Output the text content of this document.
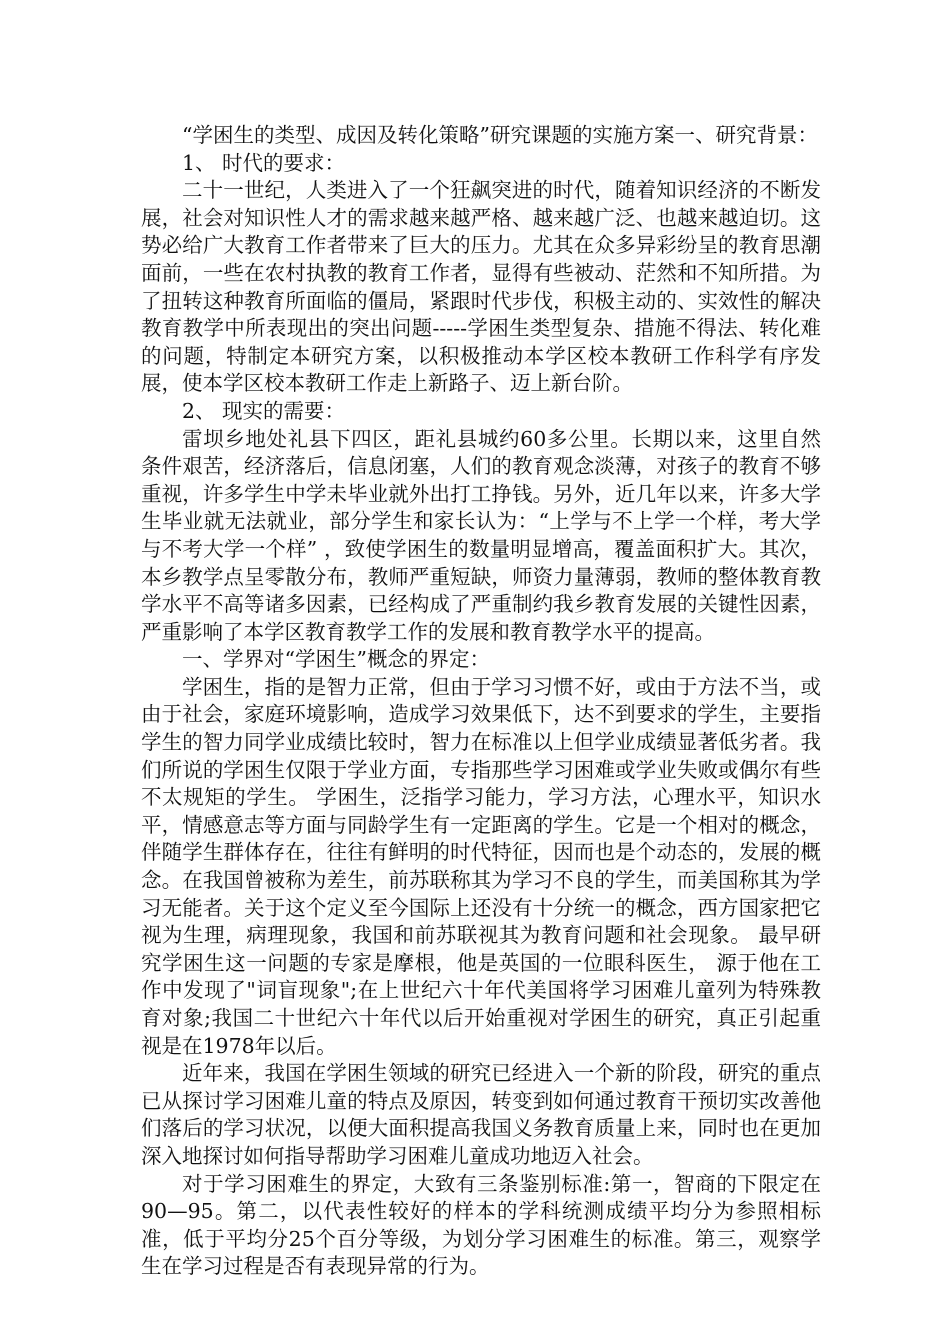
“学困生的类型、成因及转化策略”研究课题的实施方案一、研究背景：

1、 时代的要求：

二十一世纪，人类进入了一个狂飙突进的时代，随着知识经济的不断发展，社会对知识性人才的需求越来越严格、越来越广泛、也越来越迫切。这势必给广大教育工作者带来了巨大的压力。尤其在众多异彩纷呈的教育思潮面前，一些在农村执教的教育工作者，显得有些被动、茫然和不知所措。为了扭转这种教育所面临的僵局，紧跟时代步伐，积极主动的、实效性的解决教育教学中所表现出的突出问题-----学困生类型复杂、措施不得法、转化难的问题，特制定本研究方案，以积极推动本学区校本教研工作科学有序发展，使本学区校本教研工作走上新路子、迈上新台阶。

2、 现实的需要：

雷坝乡地处礼县下四区，距礼县城约60多公里。长期以来，这里自然条件艰苦，经济落后，信息闭塞，人们的教育观念淡薄，对孩子的教育不够重视，许多学生中学未毕业就外出打工挣钱。另外，近几年以来，许多大学生毕业就无法就业，部分学生和家长认为：“上学与不上学一个样，考大学与不考大学一个样” ，致使学困生的数量明显增高，覆盖面积扩大。其次，本乡教学点呈零散分布，教师严重短缺，师资力量薄弱，教师的整体教育教学水平不高等诸多因素，已经构成了严重制约我乡教育发展的关键性因素，严重影响了本学区教育教学工作的发展和教育教学水平的提高。

一、学界对“学困生”概念的界定：

学困生，指的是智力正常，但由于学习习惯不好，或由于方法不当，或由于社会，家庭环境影响，造成学习效果低下，达不到要求的学生，主要指学生的智力同学业成绩比较时，智力在标准以上但学业成绩显著低劣者。我们所说的学困生仅限于学业方面，专指那些学习困难或学业失败或偶尔有些不太规矩的学生。 学困生，泛指学习能力，学习方法，心理水平，知识水平，情感意志等方面与同龄学生有一定距离的学生。它是一个相对的概念，伴随学生群体存在，往往有鲜明的时代特征，因而也是个动态的，发展的概念。在我国曾被称为差生，前苏联称其为学习不良的学生，而美国称其为学习无能者。关于这个定义至今国际上还没有十分统一的概念，西方国家把它视为生理，病理现象，我国和前苏联视其为教育问题和社会现象。 最早研究学困生这一问题的专家是摩根，他是英国的一位眼科医生， 源于他在工作中发现了"词盲现象";在上世纪六十年代美国将学习困难儿童列为特殊教育对象;我国二十世纪六十年代以后开始重视对学困生的研究，真正引起重视是在1978年以后。

近年来，我国在学困生领域的研究已经进入一个新的阶段，研究的重点已从探讨学习困难儿童的特点及原因，转变到如何通过教育干预切实改善他们落后的学习状况，以便大面积提高我国义务教育质量上来，同时也在更加深入地探讨如何指导帮助学习困难儿童成功地迈入社会。

对于学习困难生的界定，大致有三条鉴别标准:第一，智商的下限定在90—95。第二，以代表性较好的样本的学科统测成绩平均分为参照相标准，低于平均分25个百分等级，为划分学习困难生的标准。第三，观察学生在学习过程是否有表现异常的行为。
